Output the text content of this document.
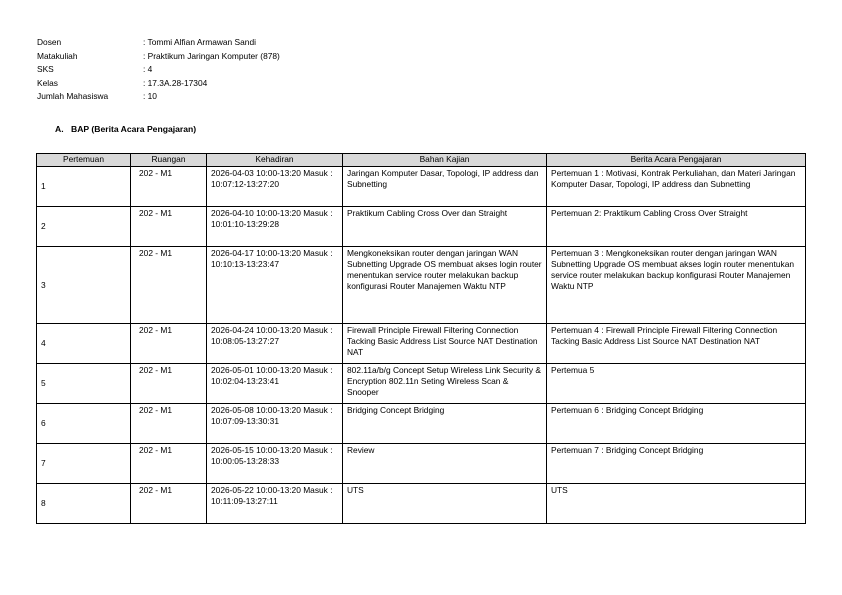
Dosen	: Tommi Alfian Armawan Sandi
Matakuliah	: Praktikum Jaringan Komputer (878)
SKS	: 4
Kelas	: 17.3A.28-17304
Jumlah Mahasiswa	: 10
A. BAP (Berita Acara Pengajaran)
Pertemuan	Ruangan	Kehadiran	Bahan Kajian	Berita Acara Pengajaran
1	202 - M1	2026-04-03 10:00-13:20 Masuk : 10:07:12-13:27:20	Jaringan Komputer Dasar, Topologi, IP address dan Subnetting	Pertemuan 1 : Motivasi, Kontrak Perkuliahan, dan Materi Jaringan Komputer Dasar, Topologi, IP address dan Subnetting
2	202 - M1	2026-04-10 10:00-13:20 Masuk : 10:01:10-13:29:28	Praktikum Cabling Cross Over dan Straight	Pertemuan 2: Praktikum Cabling Cross Over Straight
3	202 - M1	2026-04-17 10:00-13:20 Masuk : 10:10:13-13:23:47	Mengkoneksikan router dengan jaringan WAN Subnetting Upgrade OS membuat akses login router menentukan service router melakukan backup konfigurasi Router Manajemen Waktu NTP	Pertemuan 3 : Mengkoneksikan router dengan jaringan WAN Subnetting Upgrade OS membuat akses login router menentukan service router melakukan backup konfigurasi Router Manajemen Waktu NTP
4	202 - M1	2026-04-24 10:00-13:20 Masuk : 10:08:05-13:27:27	Firewall Principle Firewall Filtering Connection Tacking Basic Address List Source NAT Destination NAT	Pertemuan 4 : Firewall Principle Firewall Filtering Connection Tacking Basic Address List Source NAT Destination NAT
5	202 - M1	2026-05-01 10:00-13:20 Masuk : 10:02:04-13:23:41	802.11a/b/g Concept Setup Wireless Link Security & Encryption 802.11n Seting Wireless Scan & Snooper	Pertemua 5
6	202 - M1	2026-05-08 10:00-13:20 Masuk : 10:07:09-13:30:31	Bridging Concept Bridging	Pertemuan 6 : Bridging Concept Bridging
7	202 - M1	2026-05-15 10:00-13:20 Masuk : 10:00:05-13:28:33	Review	Pertemuan 7 : Bridging Concept Bridging
8	202 - M1	2026-05-22 10:00-13:20 Masuk : 10:11:09-13:27:11	UTS	UTS
